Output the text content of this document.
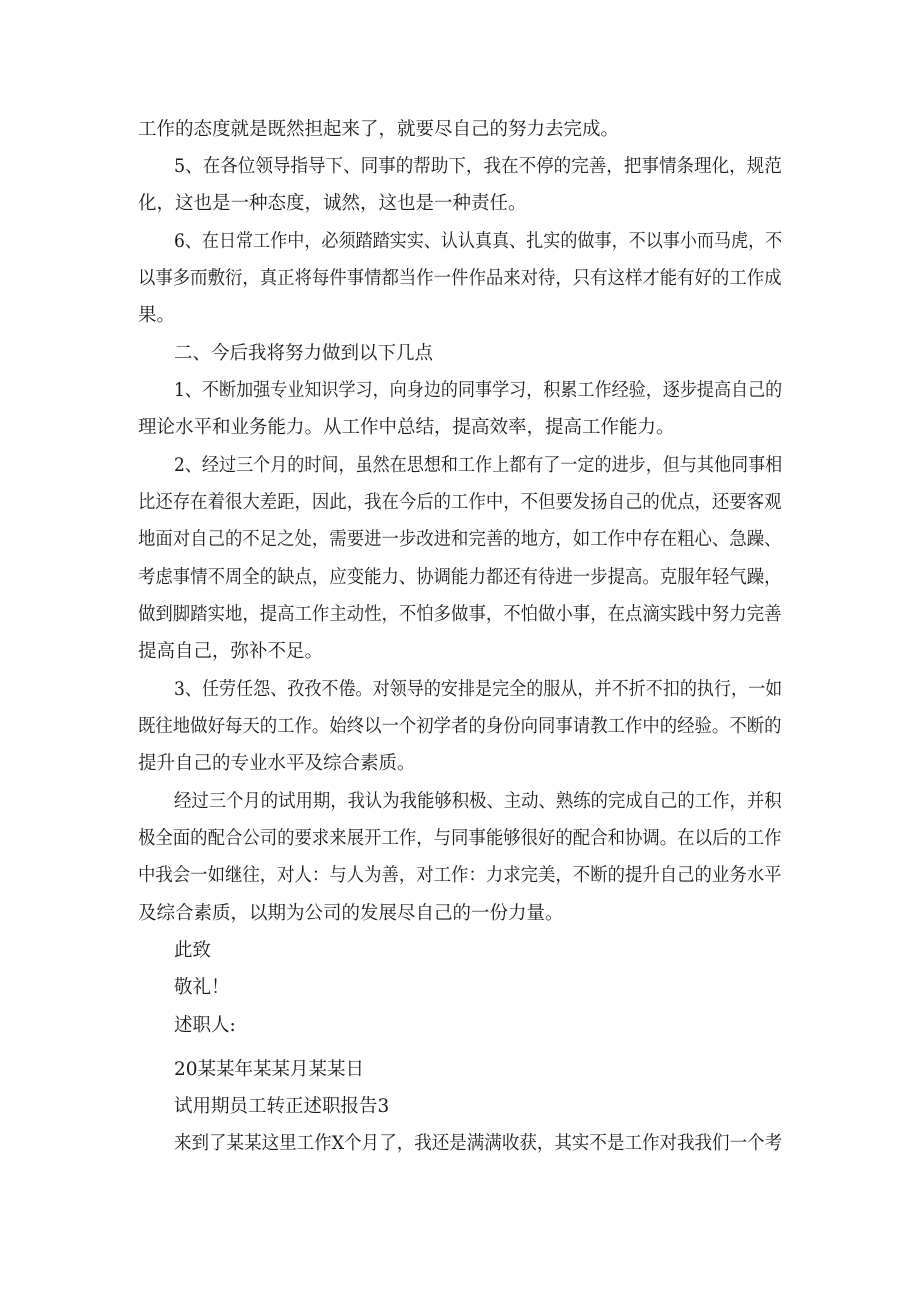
工作的态度就是既然担起来了，就要尽自己的努力去完成。
5、在各位领导指导下、同事的帮助下，我在不停的完善，把事情条理化，规范
化，这也是一种态度，诚然，这也是一种责任。
6、在日常工作中，必须踏踏实实、认认真真、扎实的做事，不以事小而马虎，不
以事多而敷衍，真正将每件事情都当作一件作品来对待，只有这样才能有好的工作成
果。
二、今后我将努力做到以下几点
1、不断加强专业知识学习，向身边的同事学习，积累工作经验，逐步提高自己的
理论水平和业务能力。从工作中总结，提高效率，提高工作能力。
2、经过三个月的时间，虽然在思想和工作上都有了一定的进步，但与其他同事相
比还存在着很大差距，因此，我在今后的工作中，不但要发扬自己的优点，还要客观
地面对自己的不足之处，需要进一步改进和完善的地方，如工作中存在粗心、急躁、
考虑事情不周全的缺点，应变能力、协调能力都还有待进一步提高。克服年轻气躁，
做到脚踏实地，提高工作主动性，不怕多做事，不怕做小事，在点滴实践中努力完善
提高自己，弥补不足。
3、任劳任怨、孜孜不倦。对领导的安排是完全的服从，并不折不扣的执行，一如
既往地做好每天的工作。始终以一个初学者的身份向同事请教工作中的经验。不断的
提升自己的专业水平及综合素质。
经过三个月的试用期，我认为我能够积极、主动、熟练的完成自己的工作，并积
极全面的配合公司的要求来展开工作，与同事能够很好的配合和协调。在以后的工作
中我会一如继往，对人：与人为善，对工作：力求完美，不断的提升自己的业务水平
及综合素质，以期为公司的发展尽自己的一份力量。
此致
敬礼！
述职人:
20某某年某某月某某日
试用期员工转正述职报告3
来到了某某这里工作X个月了，我还是满满收获，其实不是工作对我我们一个考
